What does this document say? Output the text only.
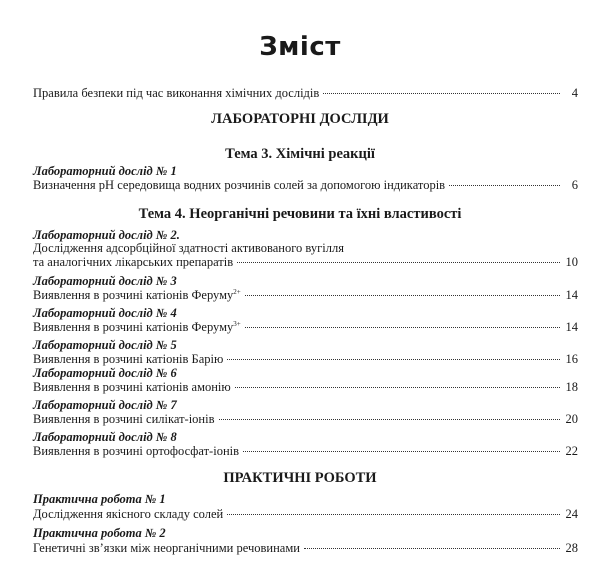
Зміст
Правила безпеки під час виконання хімічних дослідів	4
ЛАБОРАТОРНІ ДОСЛІДИ
Тема 3. Хімічні реакції
Лабораторний дослід № 1
Визначення рН середовища водних розчинів солей за допомогою індикаторів	6
Тема 4. Неорганічні речовини та їхні властивості
Лабораторний дослід № 2.
Дослідження адсорбційної здатності активованого вугілля
та аналогічних лікарських препаратів	10
Лабораторний дослід № 3
Виявлення в розчині катіонів Феруму$^{2+}$	14
Лабораторний дослід № 4
Виявлення в розчині катіонів Феруму$^{3+}$	14
Лабораторний дослід № 5
Виявлення в розчині катіонів Барію	16
Лабораторний дослід № 6
Виявлення в розчині катіонів амонію	18
Лабораторний дослід № 7
Виявлення в розчині силікат-іонів	20
Лабораторний дослід № 8
Виявлення в розчині ортофосфат-іонів	22
ПРАКТИЧНІ РОБОТИ
Практична робота № 1
Дослідження якісного складу солей	24
Практична робота № 2
Генетичні зв’язки між неорганічними речовинами	28
